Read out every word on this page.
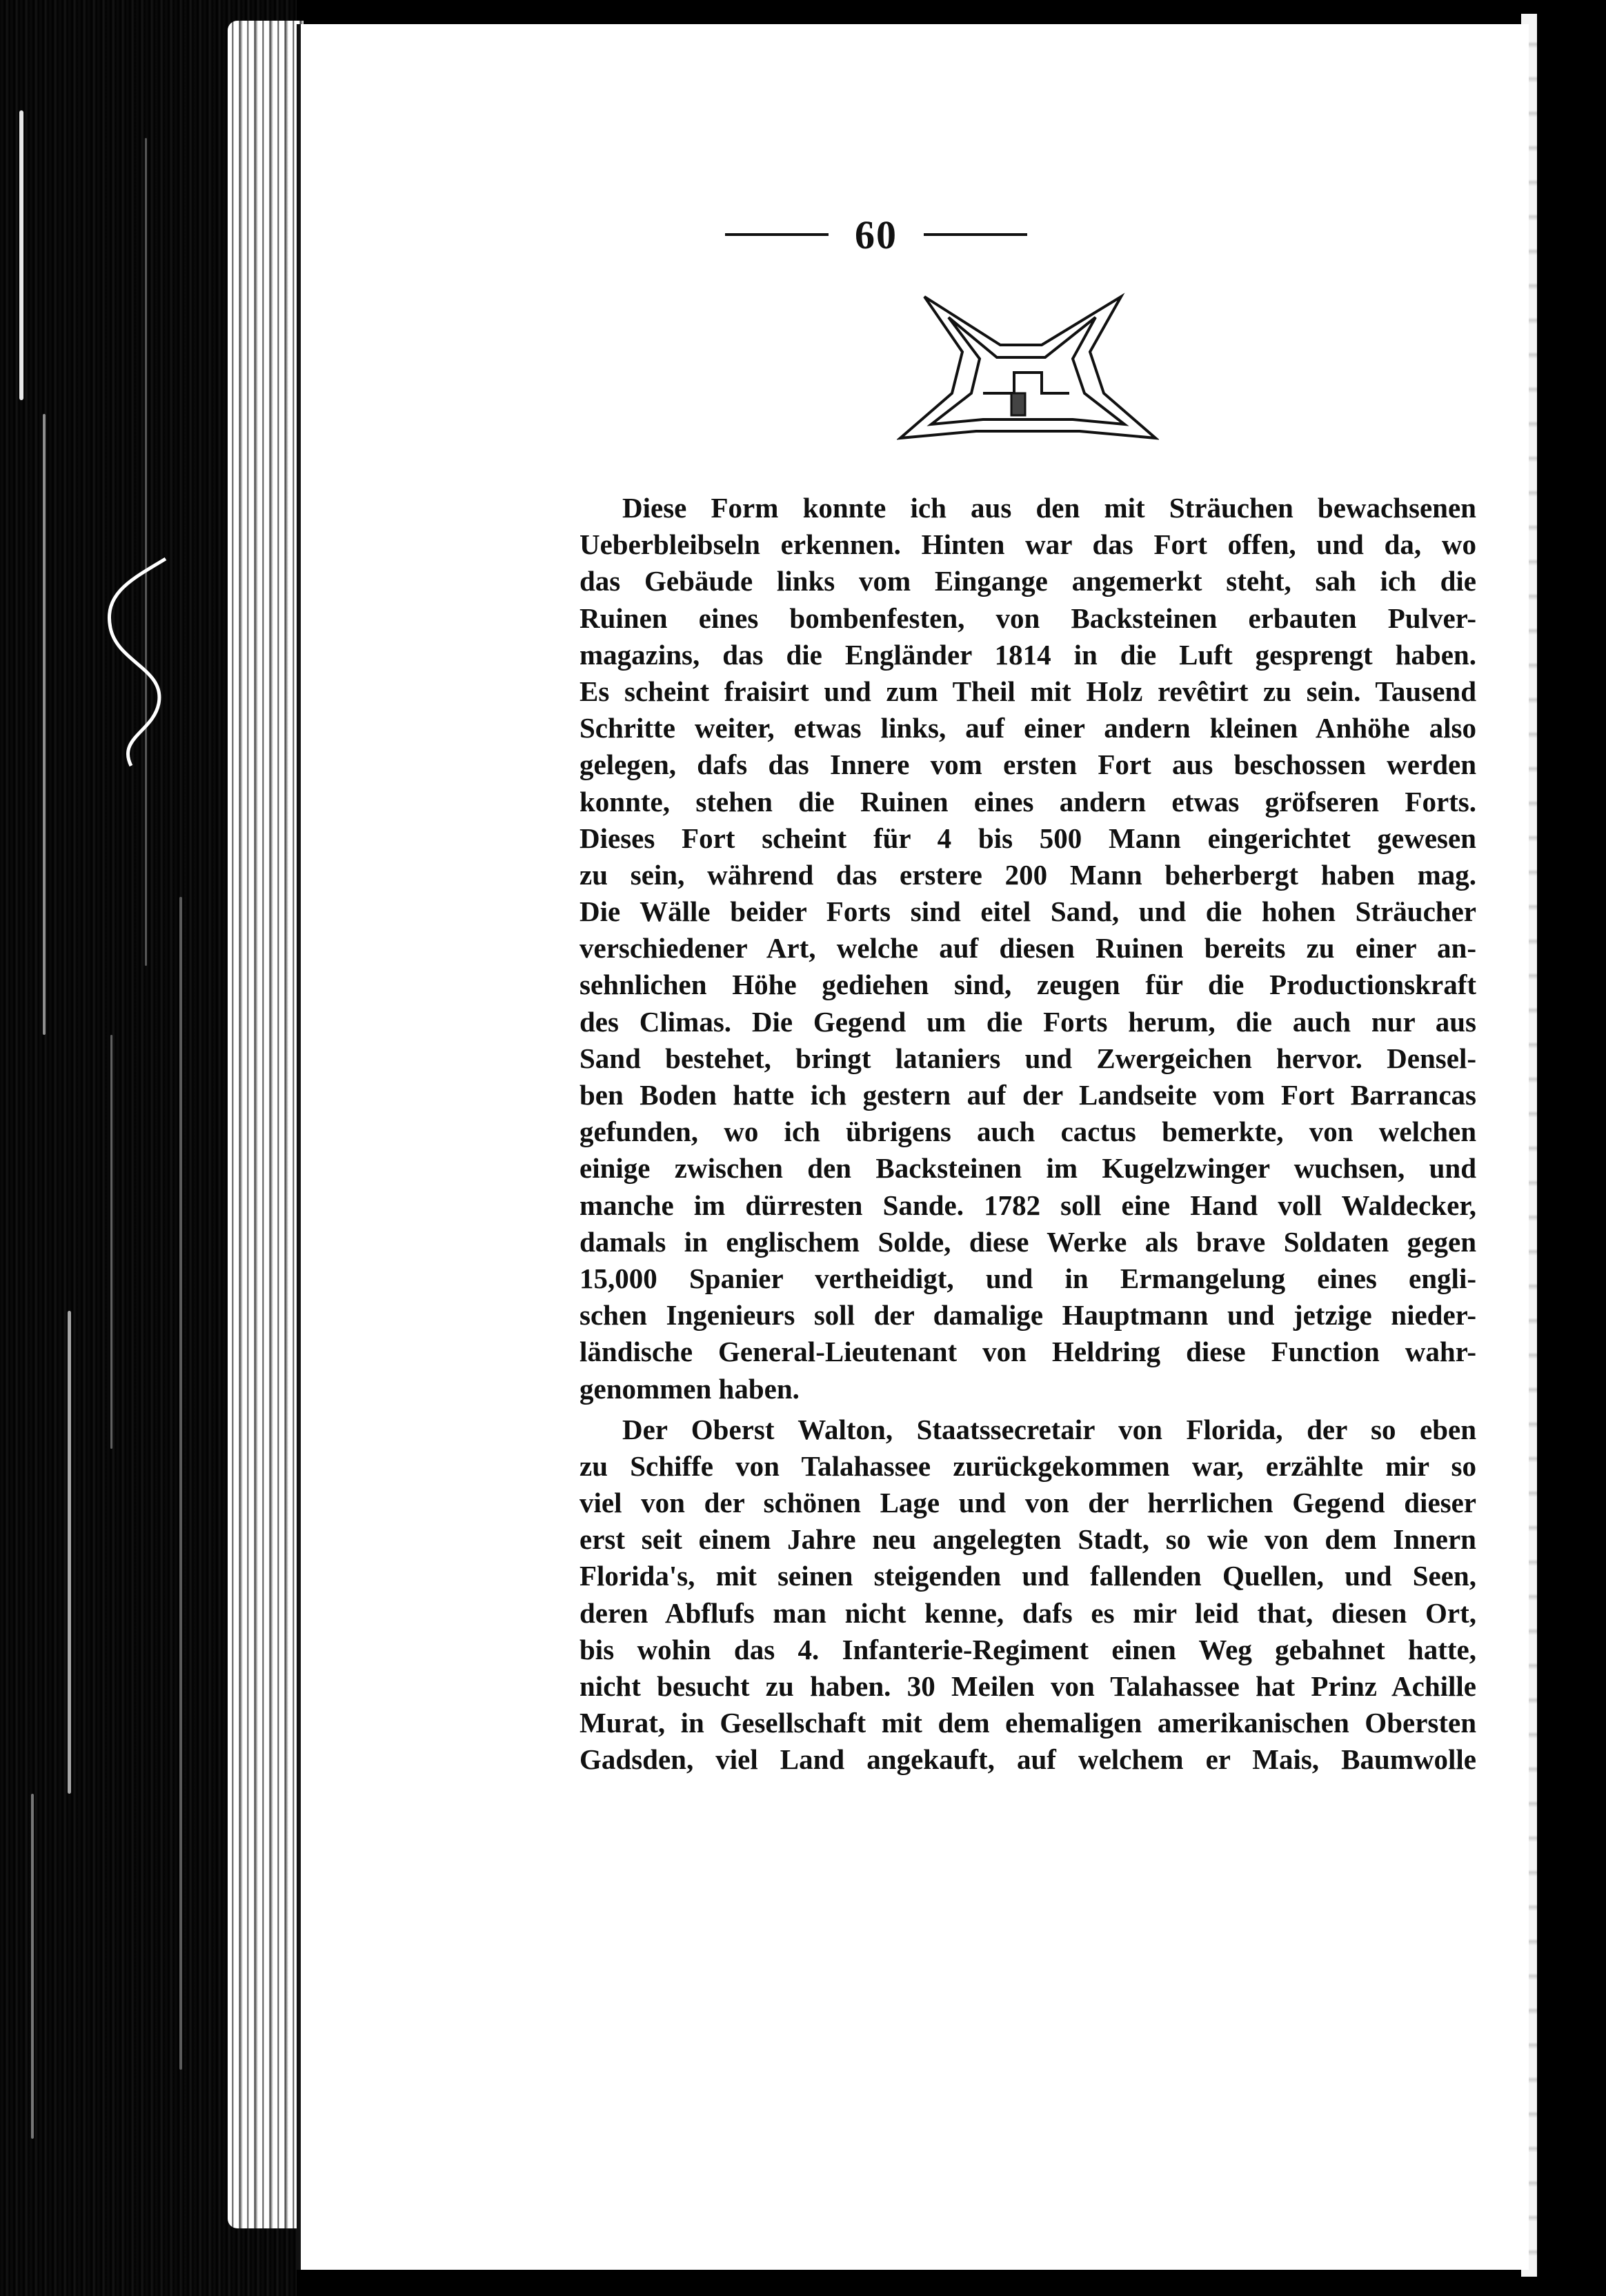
60
Diese Form konnte ich aus den mit Sträuchen bewachsenen
Ueberbleibseln erkennen. Hinten war das Fort offen, und da, wo
das Gebäude links vom Eingange angemerkt steht, sah ich die
Ruinen eines bombenfesten, von Backsteinen erbauten Pulver-
magazins, das die Engländer 1814 in die Luft gesprengt haben.
Es scheint fraisirt und zum Theil mit Holz revêtirt zu sein. Tausend
Schritte weiter, etwas links, auf einer andern kleinen Anhöhe also
gelegen, dafs das Innere vom ersten Fort aus beschossen werden
konnte, stehen die Ruinen eines andern etwas gröfseren Forts.
Dieses Fort scheint für 4 bis 500 Mann eingerichtet gewesen
zu sein, während das erstere 200 Mann beherbergt haben mag.
Die Wälle beider Forts sind eitel Sand, und die hohen Sträucher
verschiedener Art, welche auf diesen Ruinen bereits zu einer an-
sehnlichen Höhe gediehen sind, zeugen für die Productionskraft
des Climas. Die Gegend um die Forts herum, die auch nur aus
Sand bestehet, bringt lataniers und Zwergeichen hervor. Densel-
ben Boden hatte ich gestern auf der Landseite vom Fort Barrancas
gefunden, wo ich übrigens auch cactus bemerkte, von welchen
einige zwischen den Backsteinen im Kugelzwinger wuchsen, und
manche im dürresten Sande. 1782 soll eine Hand voll Waldecker,
damals in englischem Solde, diese Werke als brave Soldaten gegen
15,000 Spanier vertheidigt, und in Ermangelung eines engli-
schen Ingenieurs soll der damalige Hauptmann und jetzige nieder-
ländische General-Lieutenant von Heldring diese Function wahr-
genommen haben.
Der Oberst Walton, Staatssecretair von Florida, der so eben
zu Schiffe von Talahassee zurückgekommen war, erzählte mir so
viel von der schönen Lage und von der herrlichen Gegend dieser
erst seit einem Jahre neu angelegten Stadt, so wie von dem Innern
Florida's, mit seinen steigenden und fallenden Quellen, und Seen,
deren Abflufs man nicht kenne, dafs es mir leid that, diesen Ort,
bis wohin das 4. Infanterie-Regiment einen Weg gebahnet hatte,
nicht besucht zu haben. 30 Meilen von Talahassee hat Prinz Achille
Murat, in Gesellschaft mit dem ehemaligen amerikanischen Obersten
Gadsden, viel Land angekauft, auf welchem er Mais, Baumwolle
